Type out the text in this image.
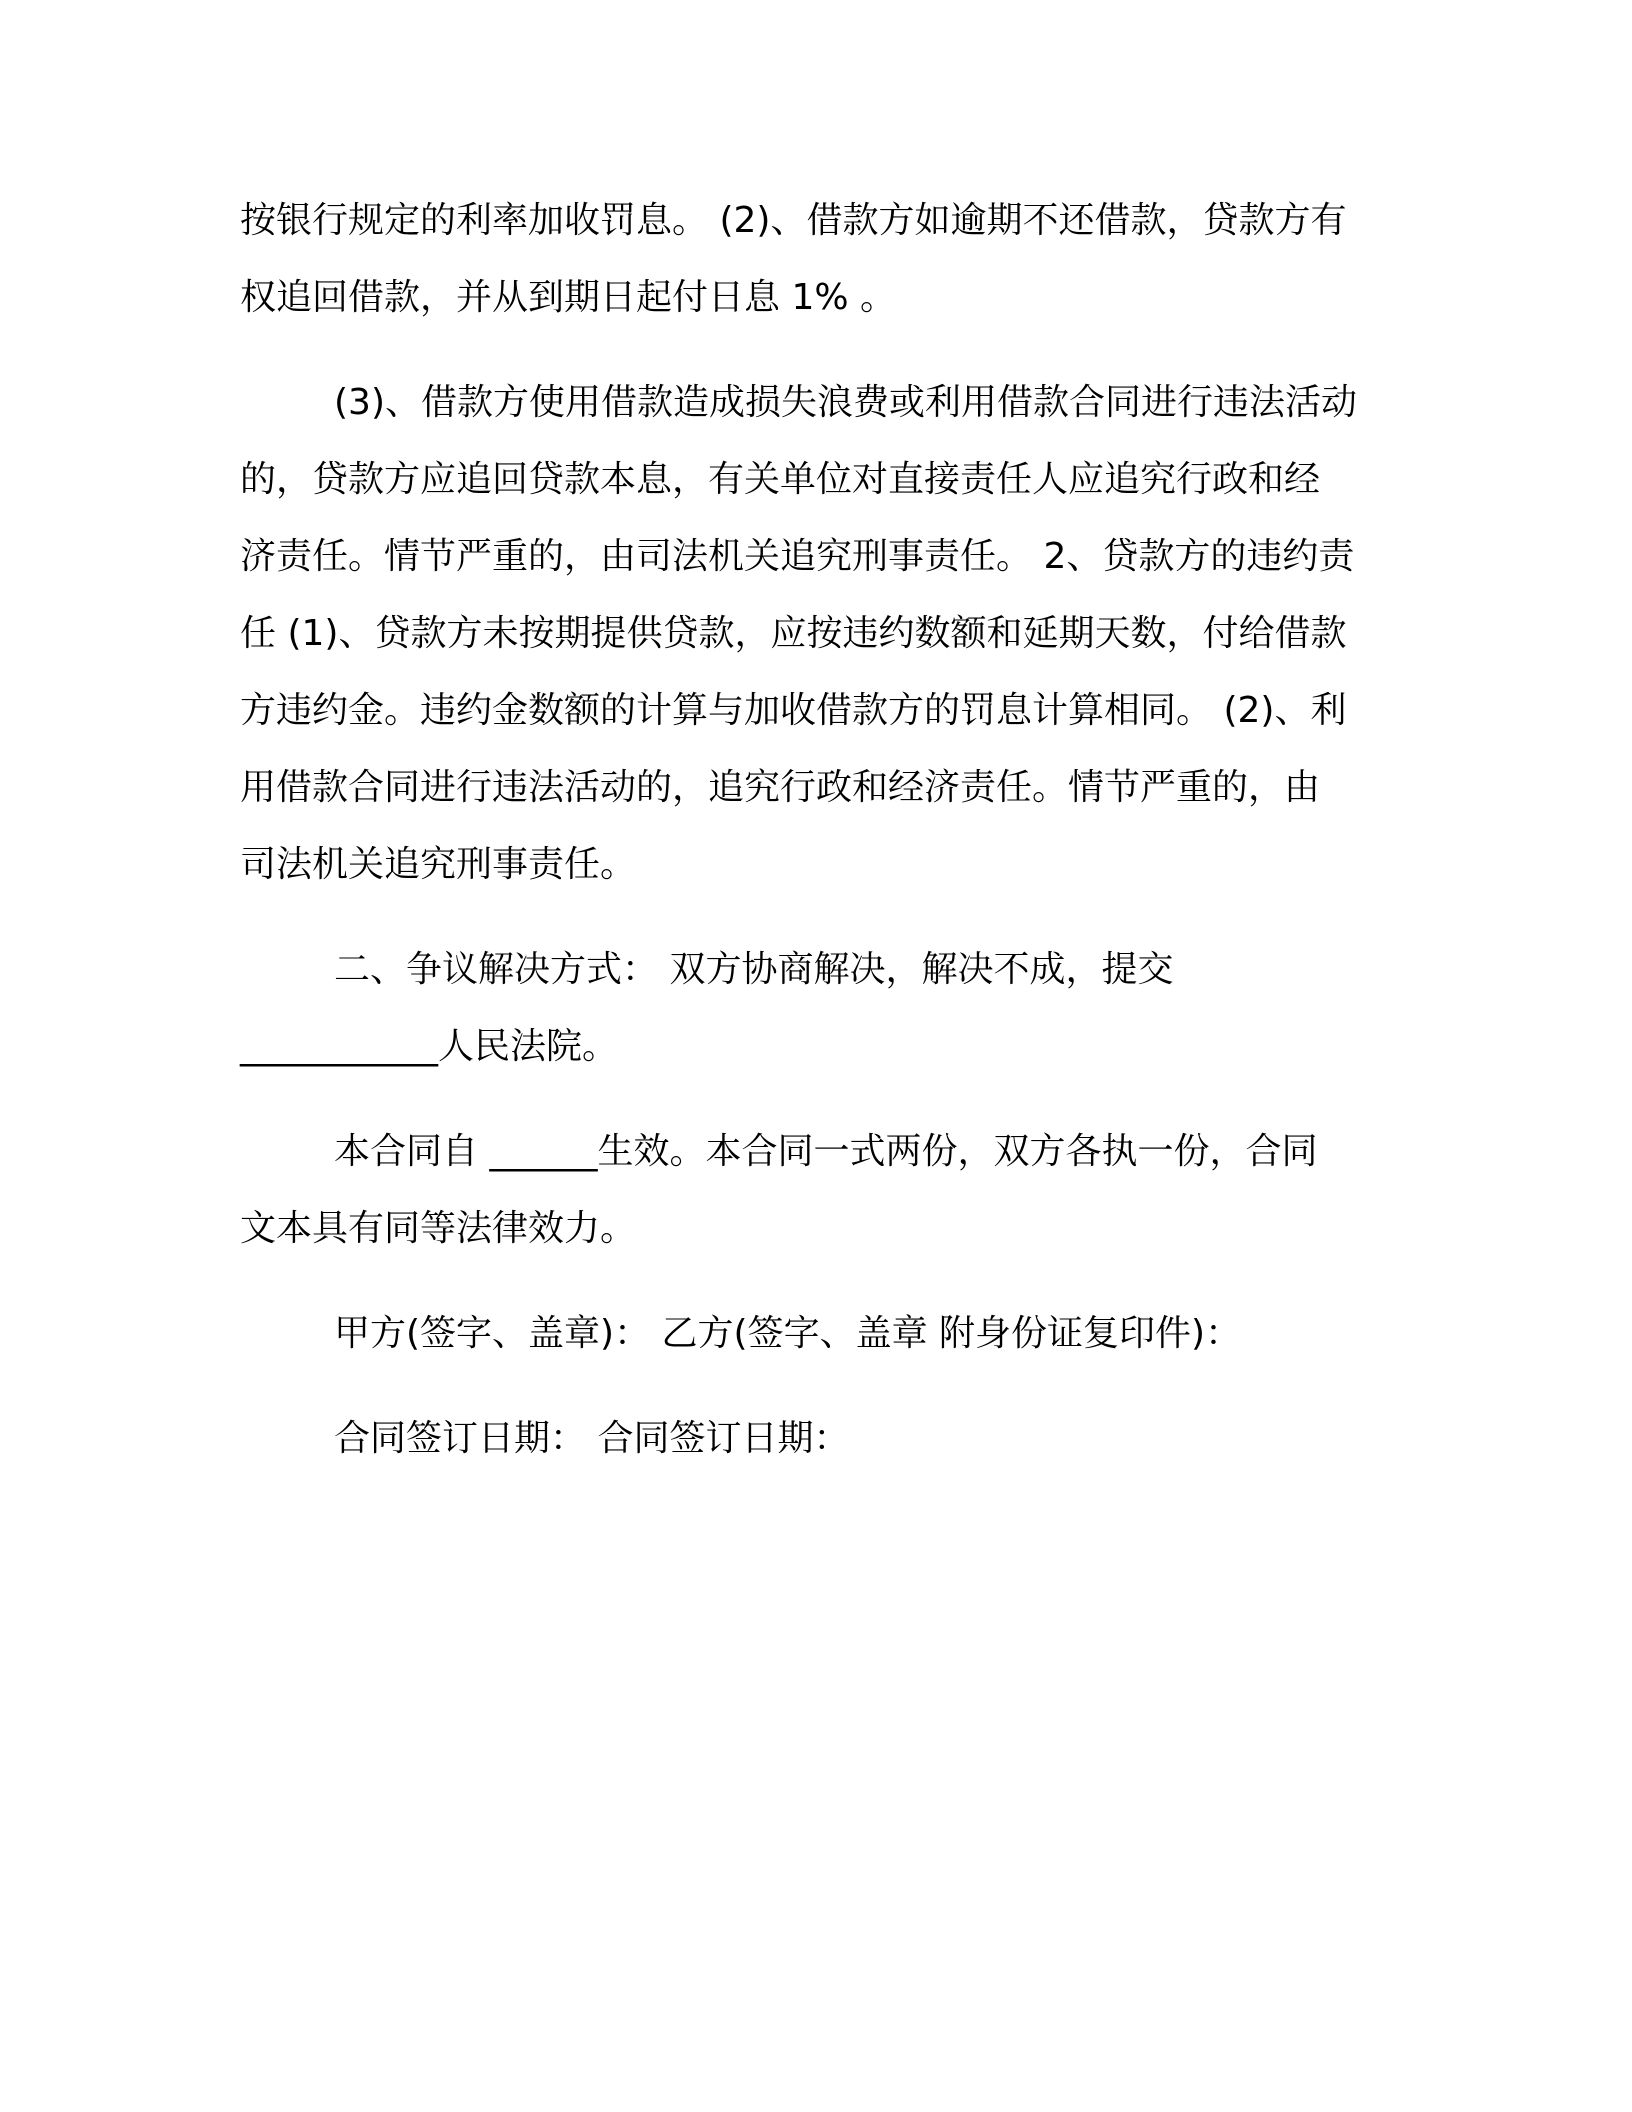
按银行规定的利率加收罚息。 (2)、借款方如逾期不还借款，贷款方有
权追回借款，并从到期日起付日息 1% 。

(3)、借款方使用借款造成损失浪费或利用借款合同进行违法活动
的，贷款方应追回贷款本息，有关单位对直接责任人应追究行政和经
济责任。情节严重的，由司法机关追究刑事责任。 2、贷款方的违约责
任 (1)、贷款方未按期提供贷款，应按违约数额和延期天数，付给借款
方违约金。违约金数额的计算与加收借款方的罚息计算相同。 (2)、利
用借款合同进行违法活动的，追究行政和经济责任。情节严重的，由
司法机关追究刑事责任。

二、争议解决方式： 双方协商解决，解决不成，提交
___________人民法院。

本合同自 ______生效。本合同一式两份，双方各执一份，合同
文本具有同等法律效力。

甲方(签字、盖章)： 乙方(签字、盖章 附身份证复印件)：

合同签订日期： 合同签订日期：
